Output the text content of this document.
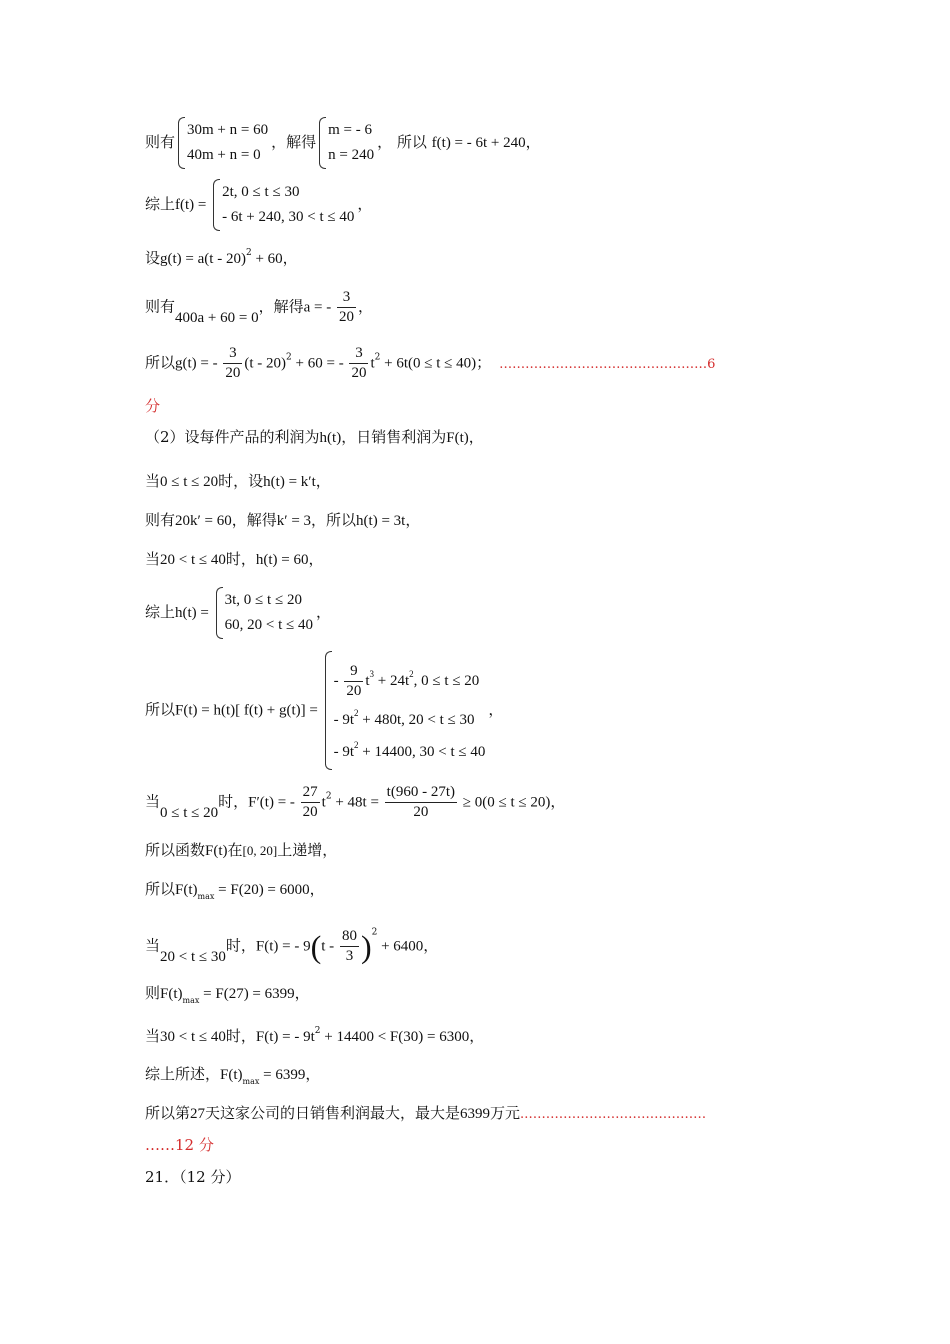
则有
30m + n = 60
40m + n = 0
，解得
m = - 6
n = 240
， 所以 f(t) = - 6t + 240，
综上f(t) =
2t, 0 ≤ t ≤ 30
- 6t + 240, 30 < t ≤ 40
，
设g(t) = a(t - 20)$^2$ + 60，
则有400a + 60 = 0，解得a = - $\frac{3}{20}$ ，
所以g(t) = - $\frac{3}{20} (t - 20)^2 + 60$ = - $\frac{3}{20} t^2 + 6t(0 \le t \le 40)$； …………………………………………6
分
（2）设每件产品的利润为h(t)，日销售利润为F(t)，
当0 ≤ t ≤ 20时，设h(t) = k′t，
则有20k′ = 60，解得k′ = 3，所以h(t) = 3t，
当20 < t ≤ 40时，h(t) = 60，
综上h(t) =
3t, 0 ≤ t ≤ 20
60, 20 < t ≤ 40
，
所以F(t) = h(t)[ f(t) + g(t)] =
- $\frac{9}{20} t^3 + 24t^2$, 0 ≤ t ≤ 20
- $9t^2 + 480t$, 20 < t ≤ 30
- $9t^2 + 14400$, 30 < t ≤ 40
，
当0 ≤ t ≤ 20时，F′(t) = - $\frac{27}{20} t^2 + 48t = \frac{t(960 - 27t)}{20} \ge 0(0 \le t \le 20)$，
所以函数F(t)在[0, 20]上递增，
所以$F(t)_{max} = F(20) = 6000$，
当20 < t ≤ 30时，F(t) = - $9(t - \frac{80}{3} )^2 + 6400$，
则$F(t)_{max} = F(27) = 6399$，
当30 < t ≤ 40时，F(t) = - $9t^2 + 14400 < F(30) = 6300$，
综上所述，$F(t)_{max} = 6399$，
所以第27天这家公司的日销售利润最大，最大是6399万元.……………………………………
……12 分
21．（12 分）
